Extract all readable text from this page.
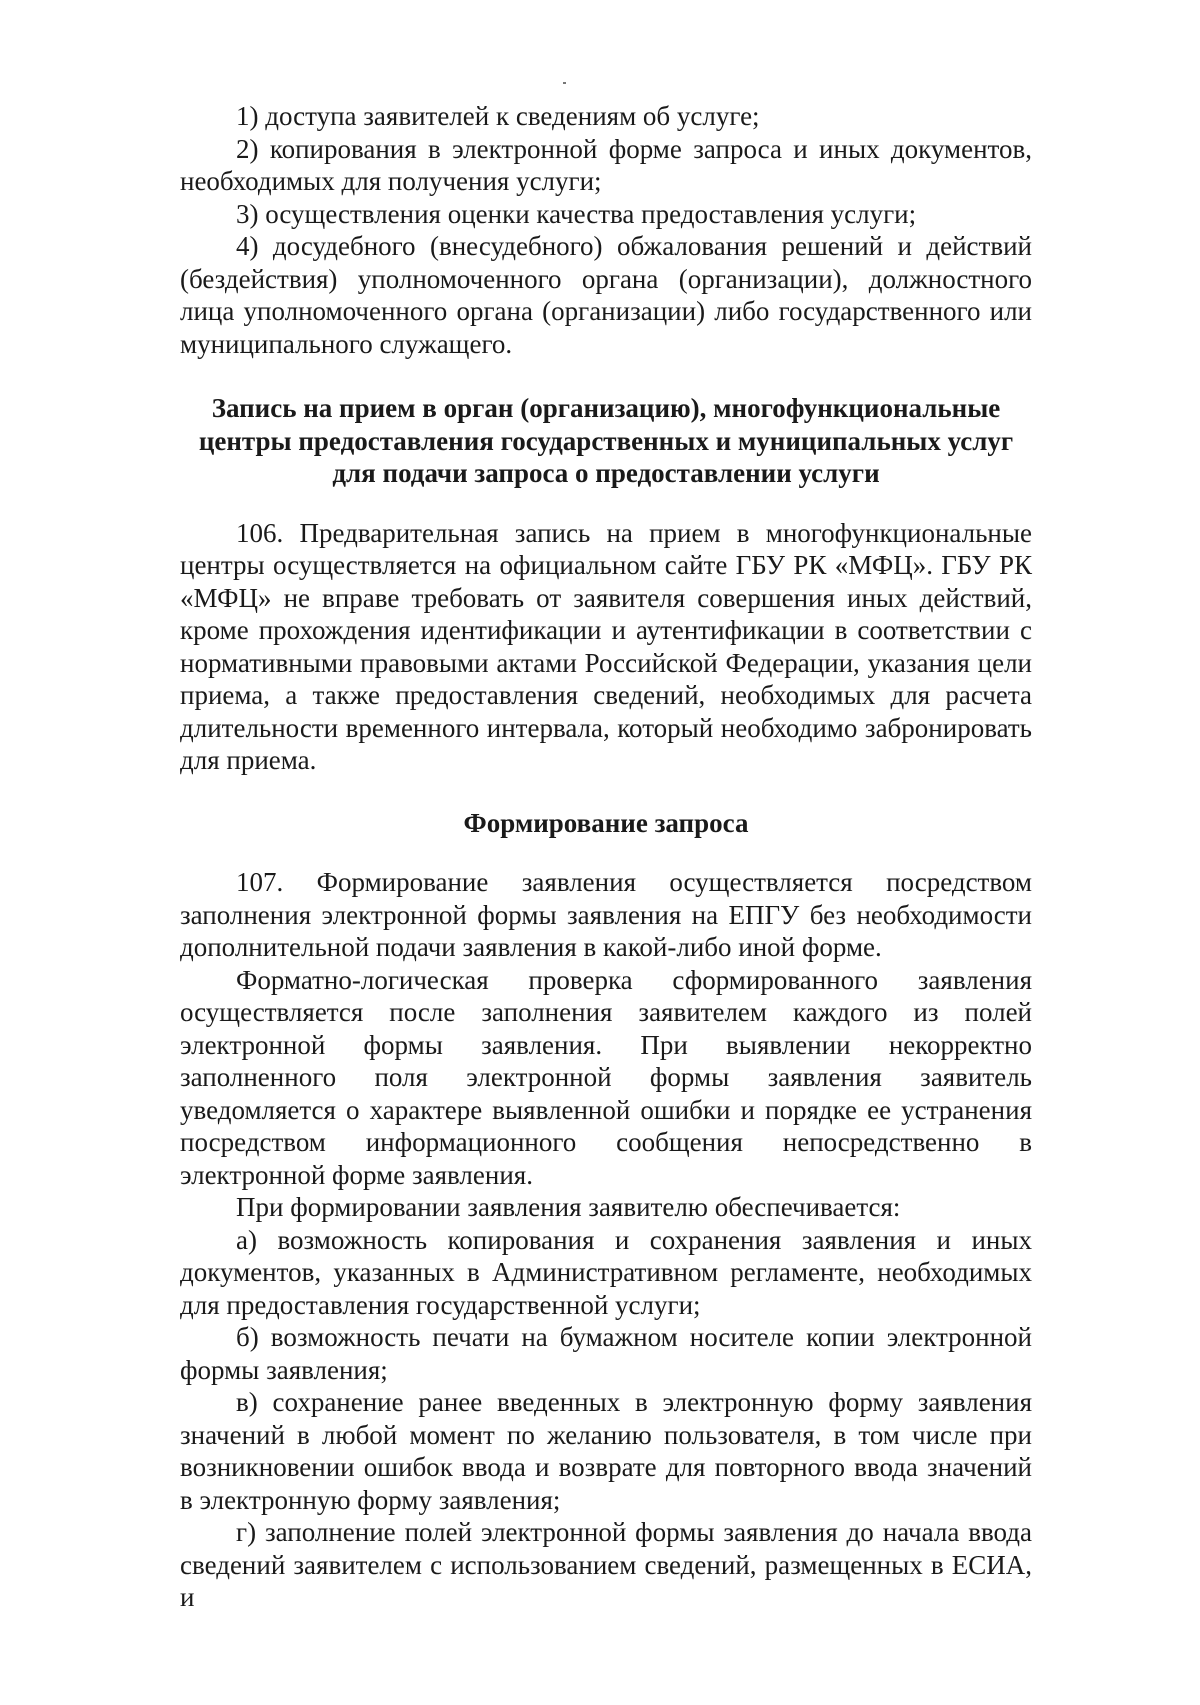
1) доступа заявителей к сведениям об услуге;

2) копирования в электронной форме запроса и иных документов, необходимых для получения услуги;

3) осуществления оценки качества предоставления услуги;

4) досудебного (внесудебного) обжалования решений и действий (бездействия) уполномоченного органа (организации), должностного лица уполномоченного органа (организации) либо государственного или муниципального служащего.

Запись на прием в орган (организацию), многофункциональные
центры предоставления государственных и муниципальных услуг
для подачи запроса о предоставлении услуги

106. Предварительная запись на прием в многофункциональные центры осуществляется на официальном сайте ГБУ РК «МФЦ». ГБУ РК «МФЦ» не вправе требовать от заявителя совершения иных действий, кроме прохождения идентификации и аутентификации в соответствии с нормативными правовыми актами Российской Федерации, указания цели приема, а также предоставления сведений, необходимых для расчета длительности временного интервала, который необходимо забронировать для приема.

Формирование запроса

107. Формирование заявления осуществляется посредством заполнения электронной формы заявления на ЕПГУ без необходимости дополнительной подачи заявления в какой-либо иной форме.

Форматно-логическая проверка сформированного заявления осуществляется после заполнения заявителем каждого из полей электронной формы заявления. При выявлении некорректно заполненного поля электронной формы заявления заявитель уведомляется о характере выявленной ошибки и порядке ее устранения посредством информационного сообщения непосредственно в электронной форме заявления.

При формировании заявления заявителю обеспечивается:

а) возможность копирования и сохранения заявления и иных документов, указанных в Административном регламенте, необходимых для предоставления государственной услуги;

б) возможность печати на бумажном носителе копии электронной формы заявления;

в) сохранение ранее введенных в электронную форму заявления значений в любой момент по желанию пользователя, в том числе при возникновении ошибок ввода и возврате для повторного ввода значений в электронную форму заявления;

г) заполнение полей электронной формы заявления до начала ввода сведений заявителем с использованием сведений, размещенных в ЕСИА, и
